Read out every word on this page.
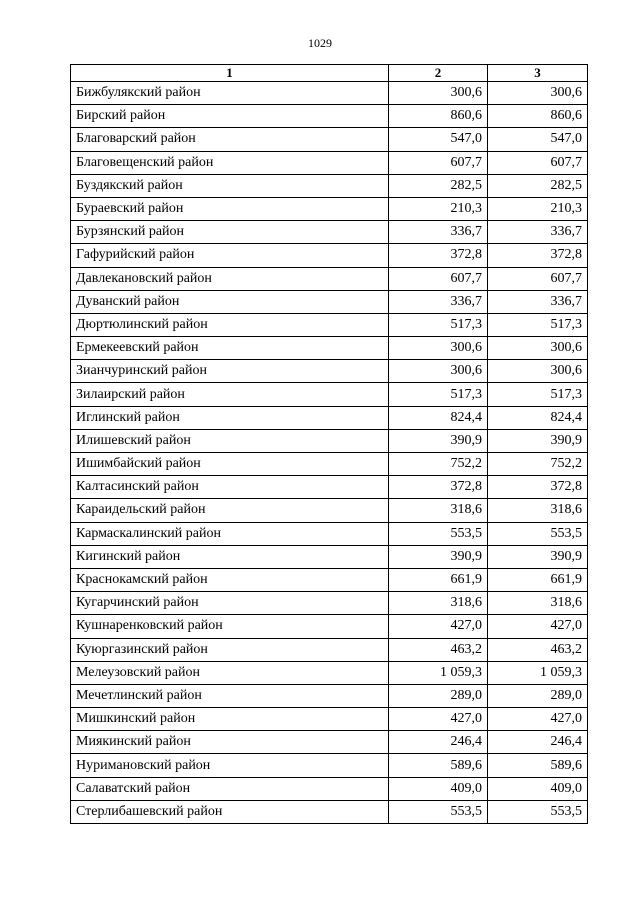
1029
1	2	3
Бижбулякский район	300,6	300,6
Бирский район	860,6	860,6
Благоварский район	547,0	547,0
Благовещенский район	607,7	607,7
Буздякский район	282,5	282,5
Бураевский район	210,3	210,3
Бурзянский район	336,7	336,7
Гафурийский район	372,8	372,8
Давлекановский район	607,7	607,7
Дуванский район	336,7	336,7
Дюртюлинский район	517,3	517,3
Ермекеевский район	300,6	300,6
Зианчуринский район	300,6	300,6
Зилаирский район	517,3	517,3
Иглинский район	824,4	824,4
Илишевский район	390,9	390,9
Ишимбайский район	752,2	752,2
Калтасинский район	372,8	372,8
Караидельский район	318,6	318,6
Кармаскалинский район	553,5	553,5
Кигинский район	390,9	390,9
Краснокамский район	661,9	661,9
Кугарчинский район	318,6	318,6
Кушнаренковский район	427,0	427,0
Куюргазинский район	463,2	463,2
Мелеузовский район	1 059,3	1 059,3
Мечетлинский район	289,0	289,0
Мишкинский район	427,0	427,0
Миякинский район	246,4	246,4
Нуримановский район	589,6	589,6
Салаватский район	409,0	409,0
Стерлибашевский район	553,5	553,5
